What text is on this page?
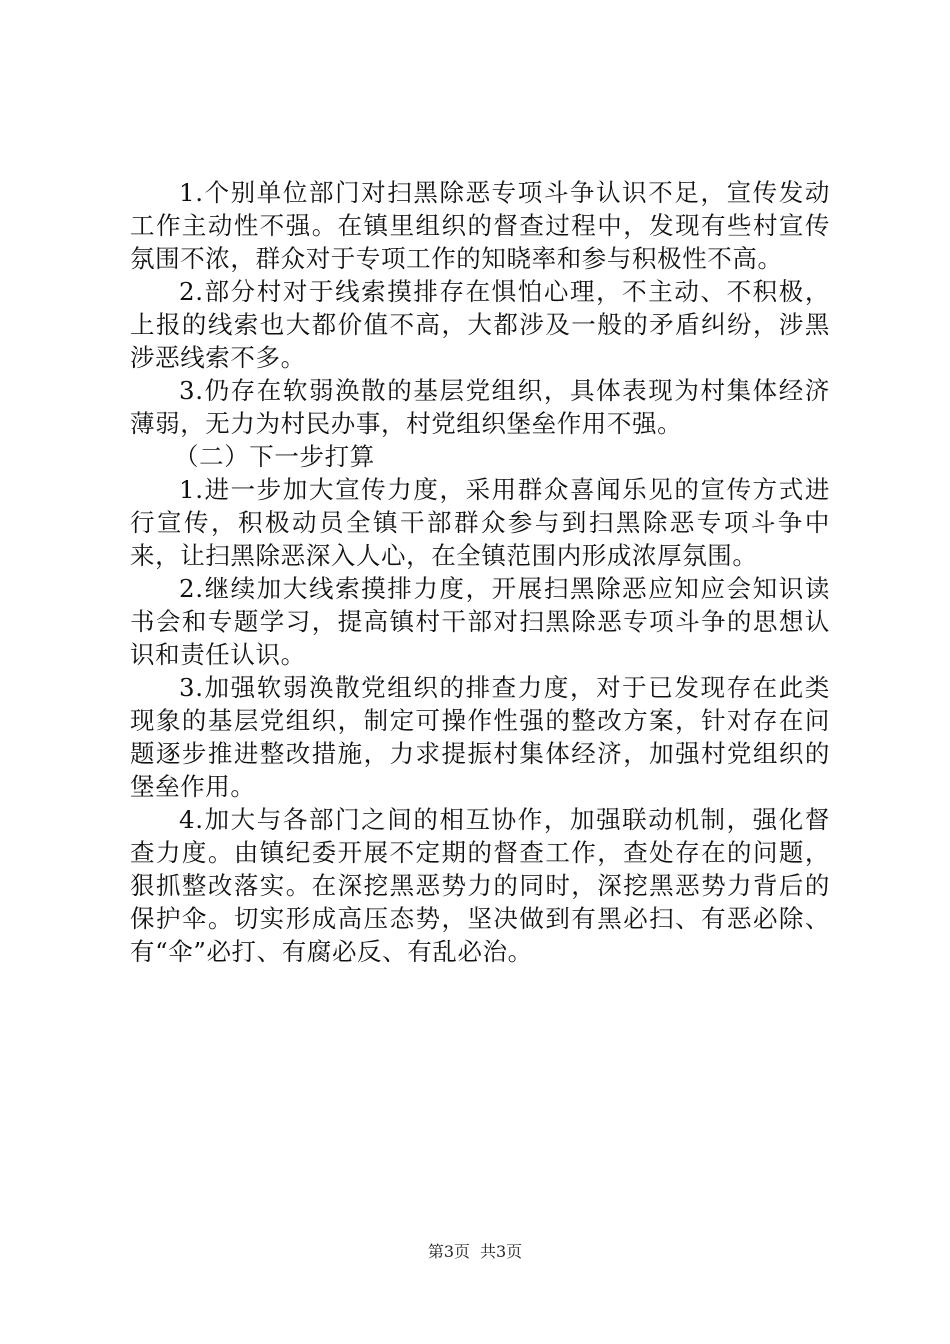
1.个别单位部门对扫黑除恶专项斗争认识不足，宣传发动工作主动性不强。在镇里组织的督查过程中，发现有些村宣传氛围不浓，群众对于专项工作的知晓率和参与积极性不高。

2.部分村对于线索摸排存在惧怕心理，不主动、不积极，上报的线索也大都价值不高，大都涉及一般的矛盾纠纷，涉黑涉恶线索不多。

3.仍存在软弱涣散的基层党组织，具体表现为村集体经济薄弱，无力为村民办事，村党组织堡垒作用不强。

（二）下一步打算

1.进一步加大宣传力度，采用群众喜闻乐见的宣传方式进行宣传，积极动员全镇干部群众参与到扫黑除恶专项斗争中来，让扫黑除恶深入人心，在全镇范围内形成浓厚氛围。

2.继续加大线索摸排力度，开展扫黑除恶应知应会知识读书会和专题学习，提高镇村干部对扫黑除恶专项斗争的思想认识和责任认识。

3.加强软弱涣散党组织的排查力度，对于已发现存在此类现象的基层党组织，制定可操作性强的整改方案，针对存在问题逐步推进整改措施，力求提振村集体经济，加强村党组织的堡垒作用。

4.加大与各部门之间的相互协作，加强联动机制，强化督查力度。由镇纪委开展不定期的督查工作，查处存在的问题，狠抓整改落实。在深挖黑恶势力的同时，深挖黑恶势力背后的保护伞。切实形成高压态势，坚决做到有黑必扫、有恶必除、有“伞”必打、有腐必反、有乱必治。

第3页 共3页
